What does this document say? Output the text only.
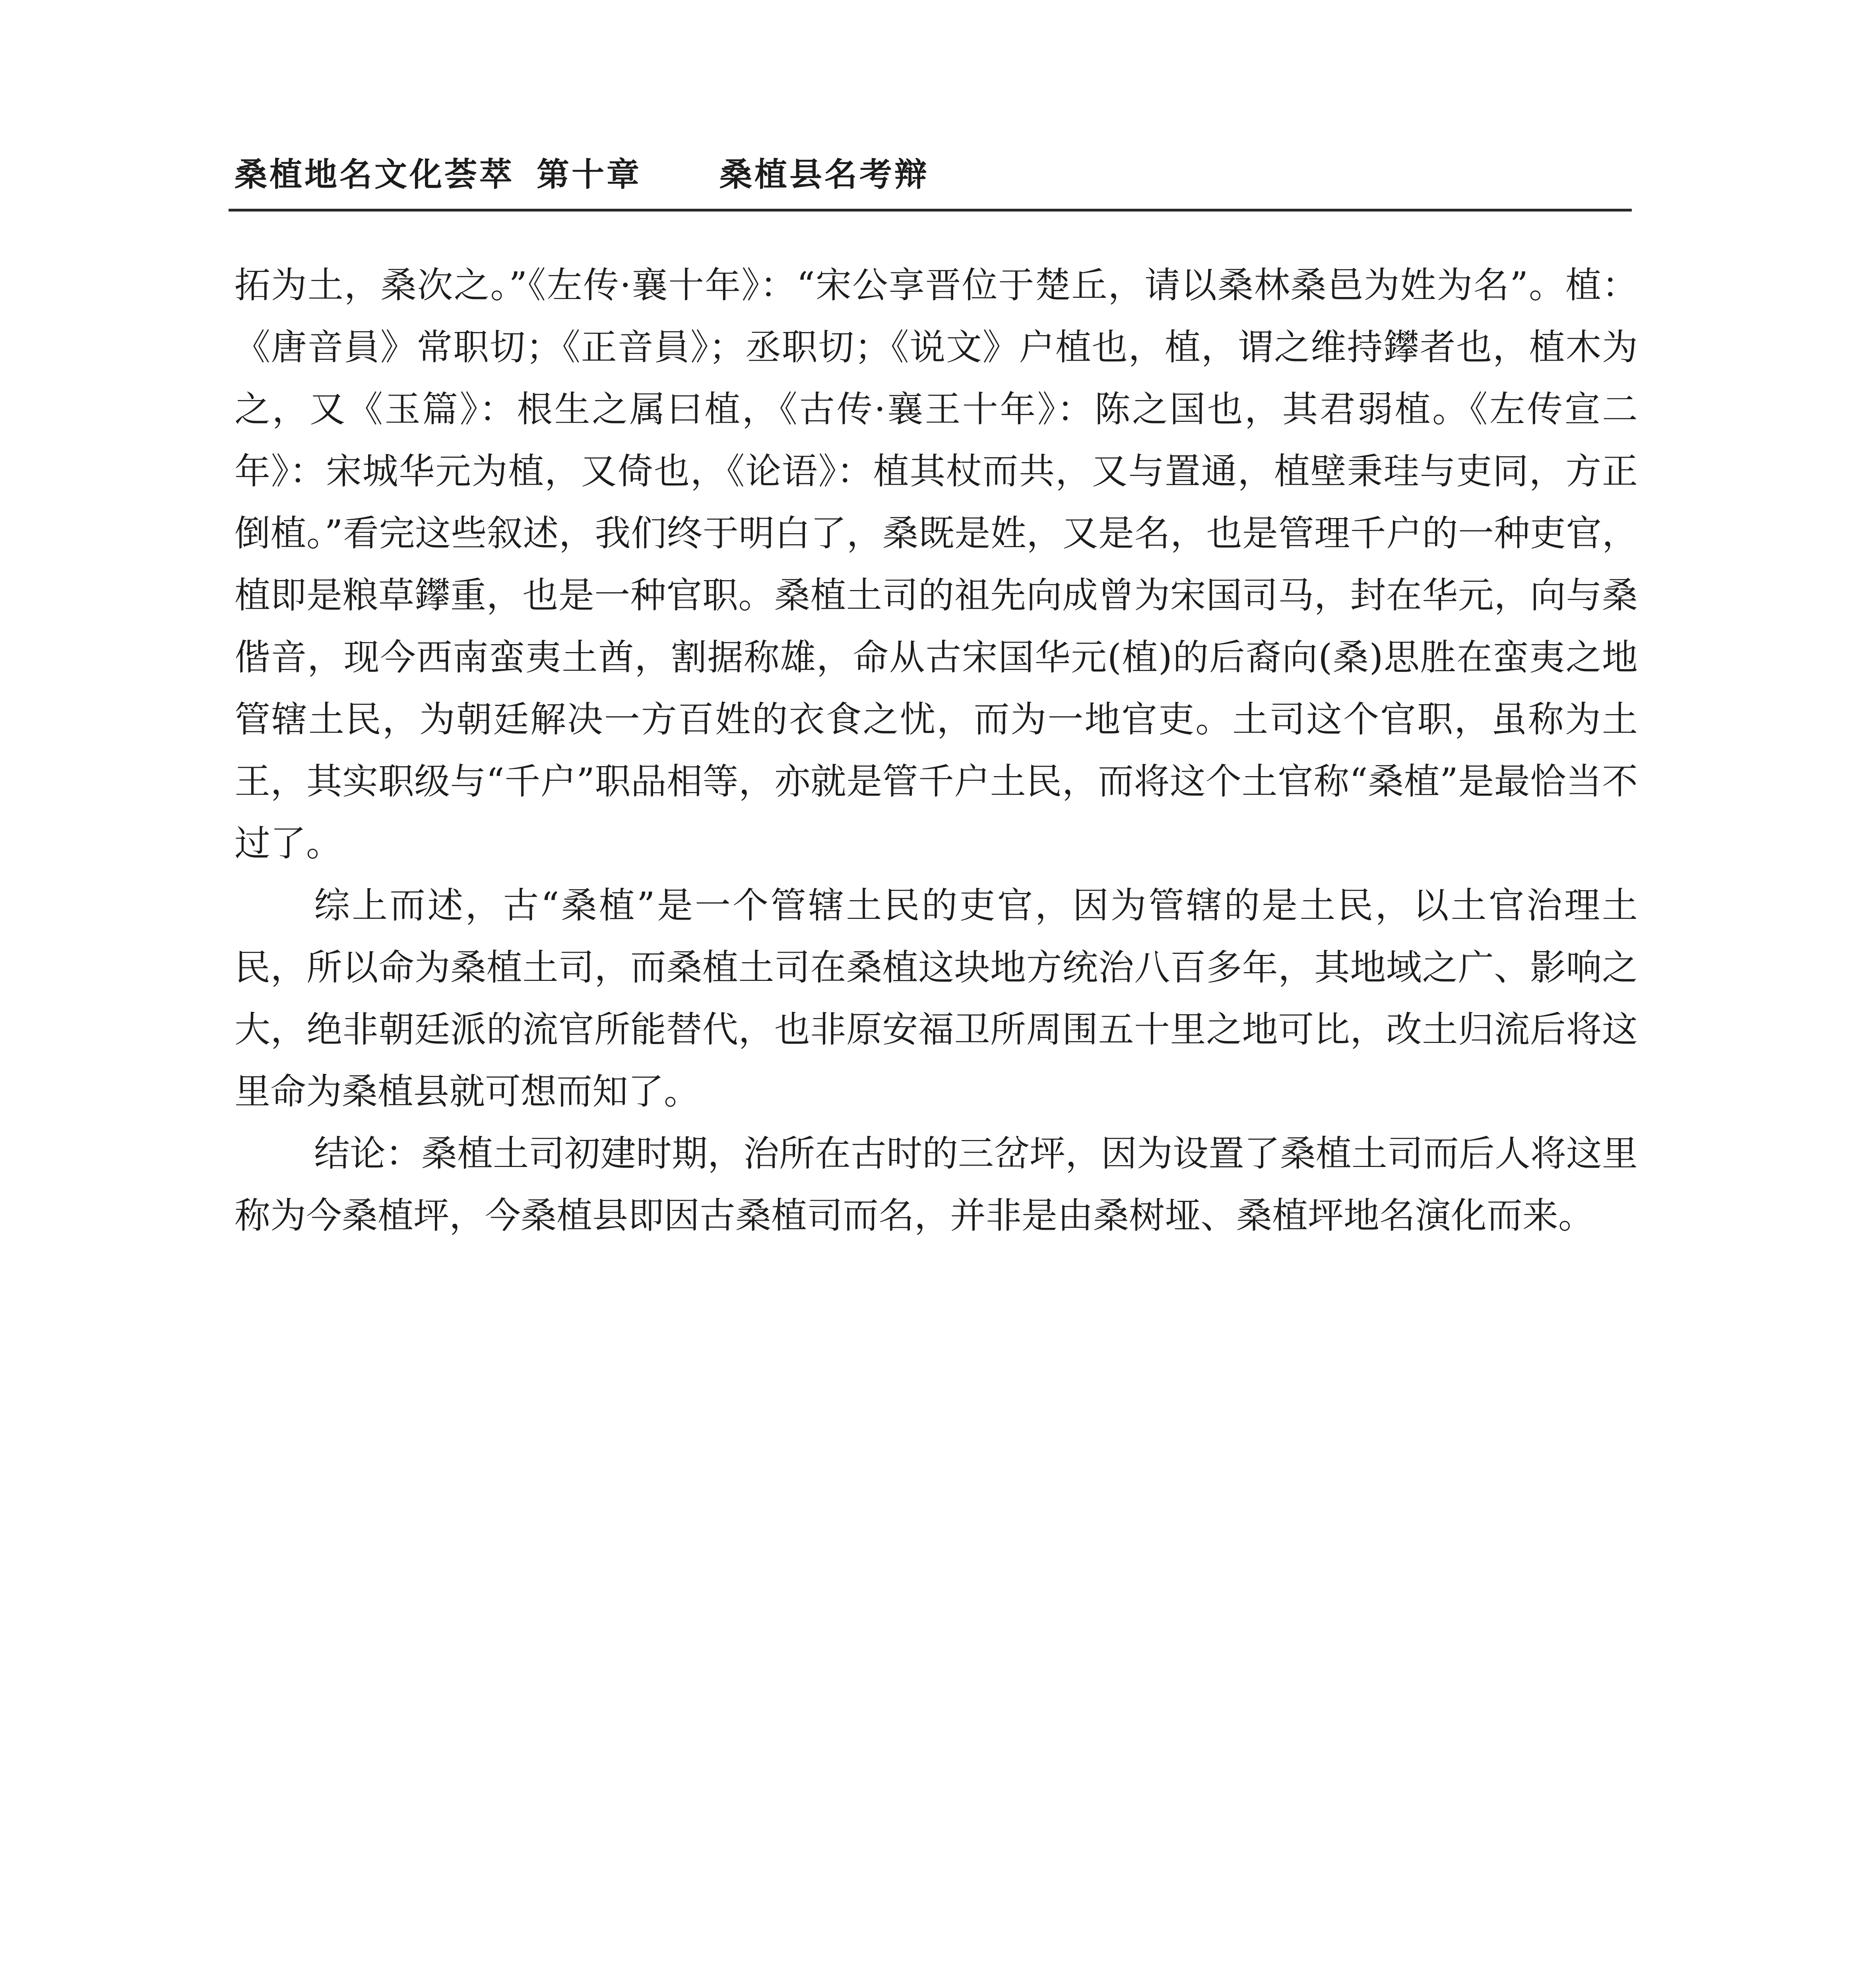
桑植地名文化荟萃 第十章 桑植县名考辩

拓为土，桑次之。”《左传·襄十年》：“宋公享晋位于楚丘，请以桑林桑邑为姓为名”。植：《唐音員》常职切；《正音員》；丞职切；《说文》户植也，植，谓之维持鑻者也，植木为之，又《玉篇》：根生之属曰植，《古传·襄王十年》：陈之国也，其君弱植。《左传宣二年》：宋城华元为植，又倚也，《论语》：植其杖而共，又与置通，植壁秉珪与吏同，方正倒植。”看完这些叙述，我们终于明白了，桑既是姓，又是名，也是管理千户的一种吏官，植即是粮草鑻重，也是一种官职。桑植土司的祖先向成曾为宋国司马，封在华元，向与桑偕音，现今西南蛮夷土酋，割据称雄，命从古宋国华元(植)的后裔向(桑)思胜在蛮夷之地管辖土民，为朝廷解决一方百姓的衣食之忧，而为一地官吏。土司这个官职，虽称为土王，其实职级与“千户”职品相等，亦就是管千户土民，而将这个土官称“桑植”是最恰当不过了。

综上而述，古“桑植”是一个管辖土民的吏官，因为管辖的是土民，以土官治理土民，所以命为桑植土司，而桑植土司在桑植这块地方统治八百多年，其地域之广、影响之大，绝非朝廷派的流官所能替代，也非原安福卫所周围五十里之地可比，改土归流后将这里命为桑植县就可想而知了。

结论：桑植土司初建时期，治所在古时的三岔坪，因为设置了桑植土司而后人将这里称为今桑植坪，今桑植县即因古桑植司而名，并非是由桑树垭、桑植坪地名演化而来。
